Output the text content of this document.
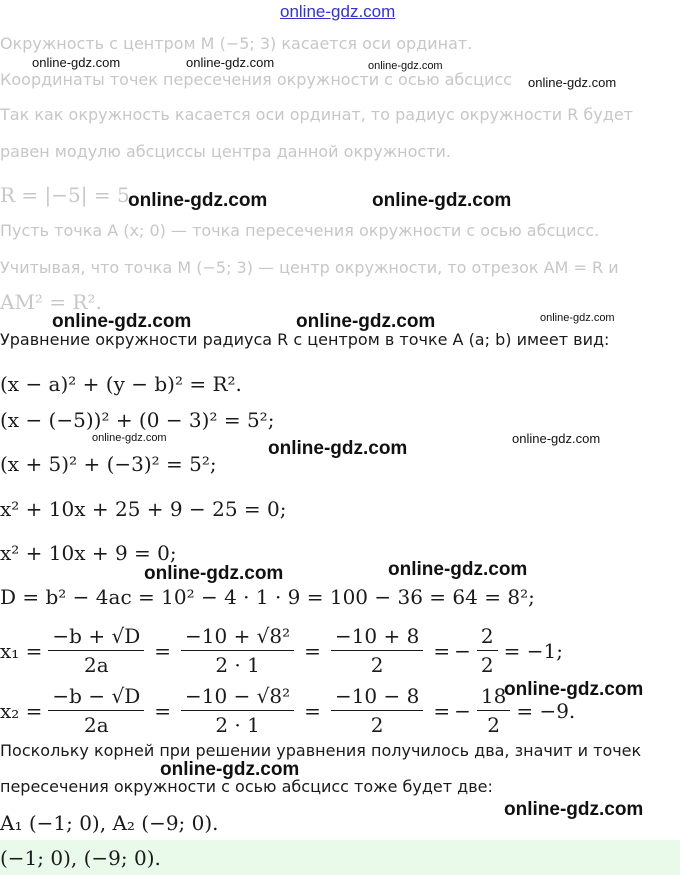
online-gdz.com
Окружность с центром M (−5; 3) касается оси ординат.
Координаты точек пересечения окружности с осью абсцисс
Так как окружность касается оси ординат, то радиус окружности R будет
равен модулю абсциссы центра данной окружности.
R = |−5| = 5
Пусть точка A (x; 0) — точка пересечения окружности с осью абсцисс.
Учитывая, что точка M (−5; 3) — центр окружности, то отрезок AM = R и
AM² = R².
Уравнение окружности радиуса R с центром в точке A (a; b) имеет вид:
(x − a)² + (y − b)² = R².
(x − (−5))² + (0 − 3)² = 5²;
(x + 5)² + (−3)² = 5²;
x² + 10x + 25 + 9 − 25 = 0;
x² + 10x + 9 = 0;
D = b² − 4ac = 10² − 4 · 1 · 9 = 100 − 36 = 64 = 8²;
$x_1 = \frac{-b + √D}{2a} = \frac{\text{−10 + √8²}}{2 \cdot 1} = \frac{-10 + 8}{2}$ = − $\frac{2}{2} = -1$;
$x_2 = \frac{-b - √D}{2a} = \frac{\text{−10 − √8²}}{2 \cdot 1} = \frac{-10 - 8}{2}$ = − $\frac{18}{2} = -9$.
Поскольку корней при решении уравнения получилось два, значит и точек
пересечения окружности с осью абсцисс тоже будет две:
A₁ (−1; 0), A₂ (−9; 0).
(−1; 0), (−9; 0).
online-gdz.com	online-gdz.com	online-gdz.com
online-gdz.com
online-gdz.com	online-gdz.com
online-gdz.com	online-gdz.com	online-gdz.com
online-gdz.com	online-gdz.com	online-gdz.com
online-gdz.com	online-gdz.com
online-gdz.com
online-gdz.com
online-gdz.com
